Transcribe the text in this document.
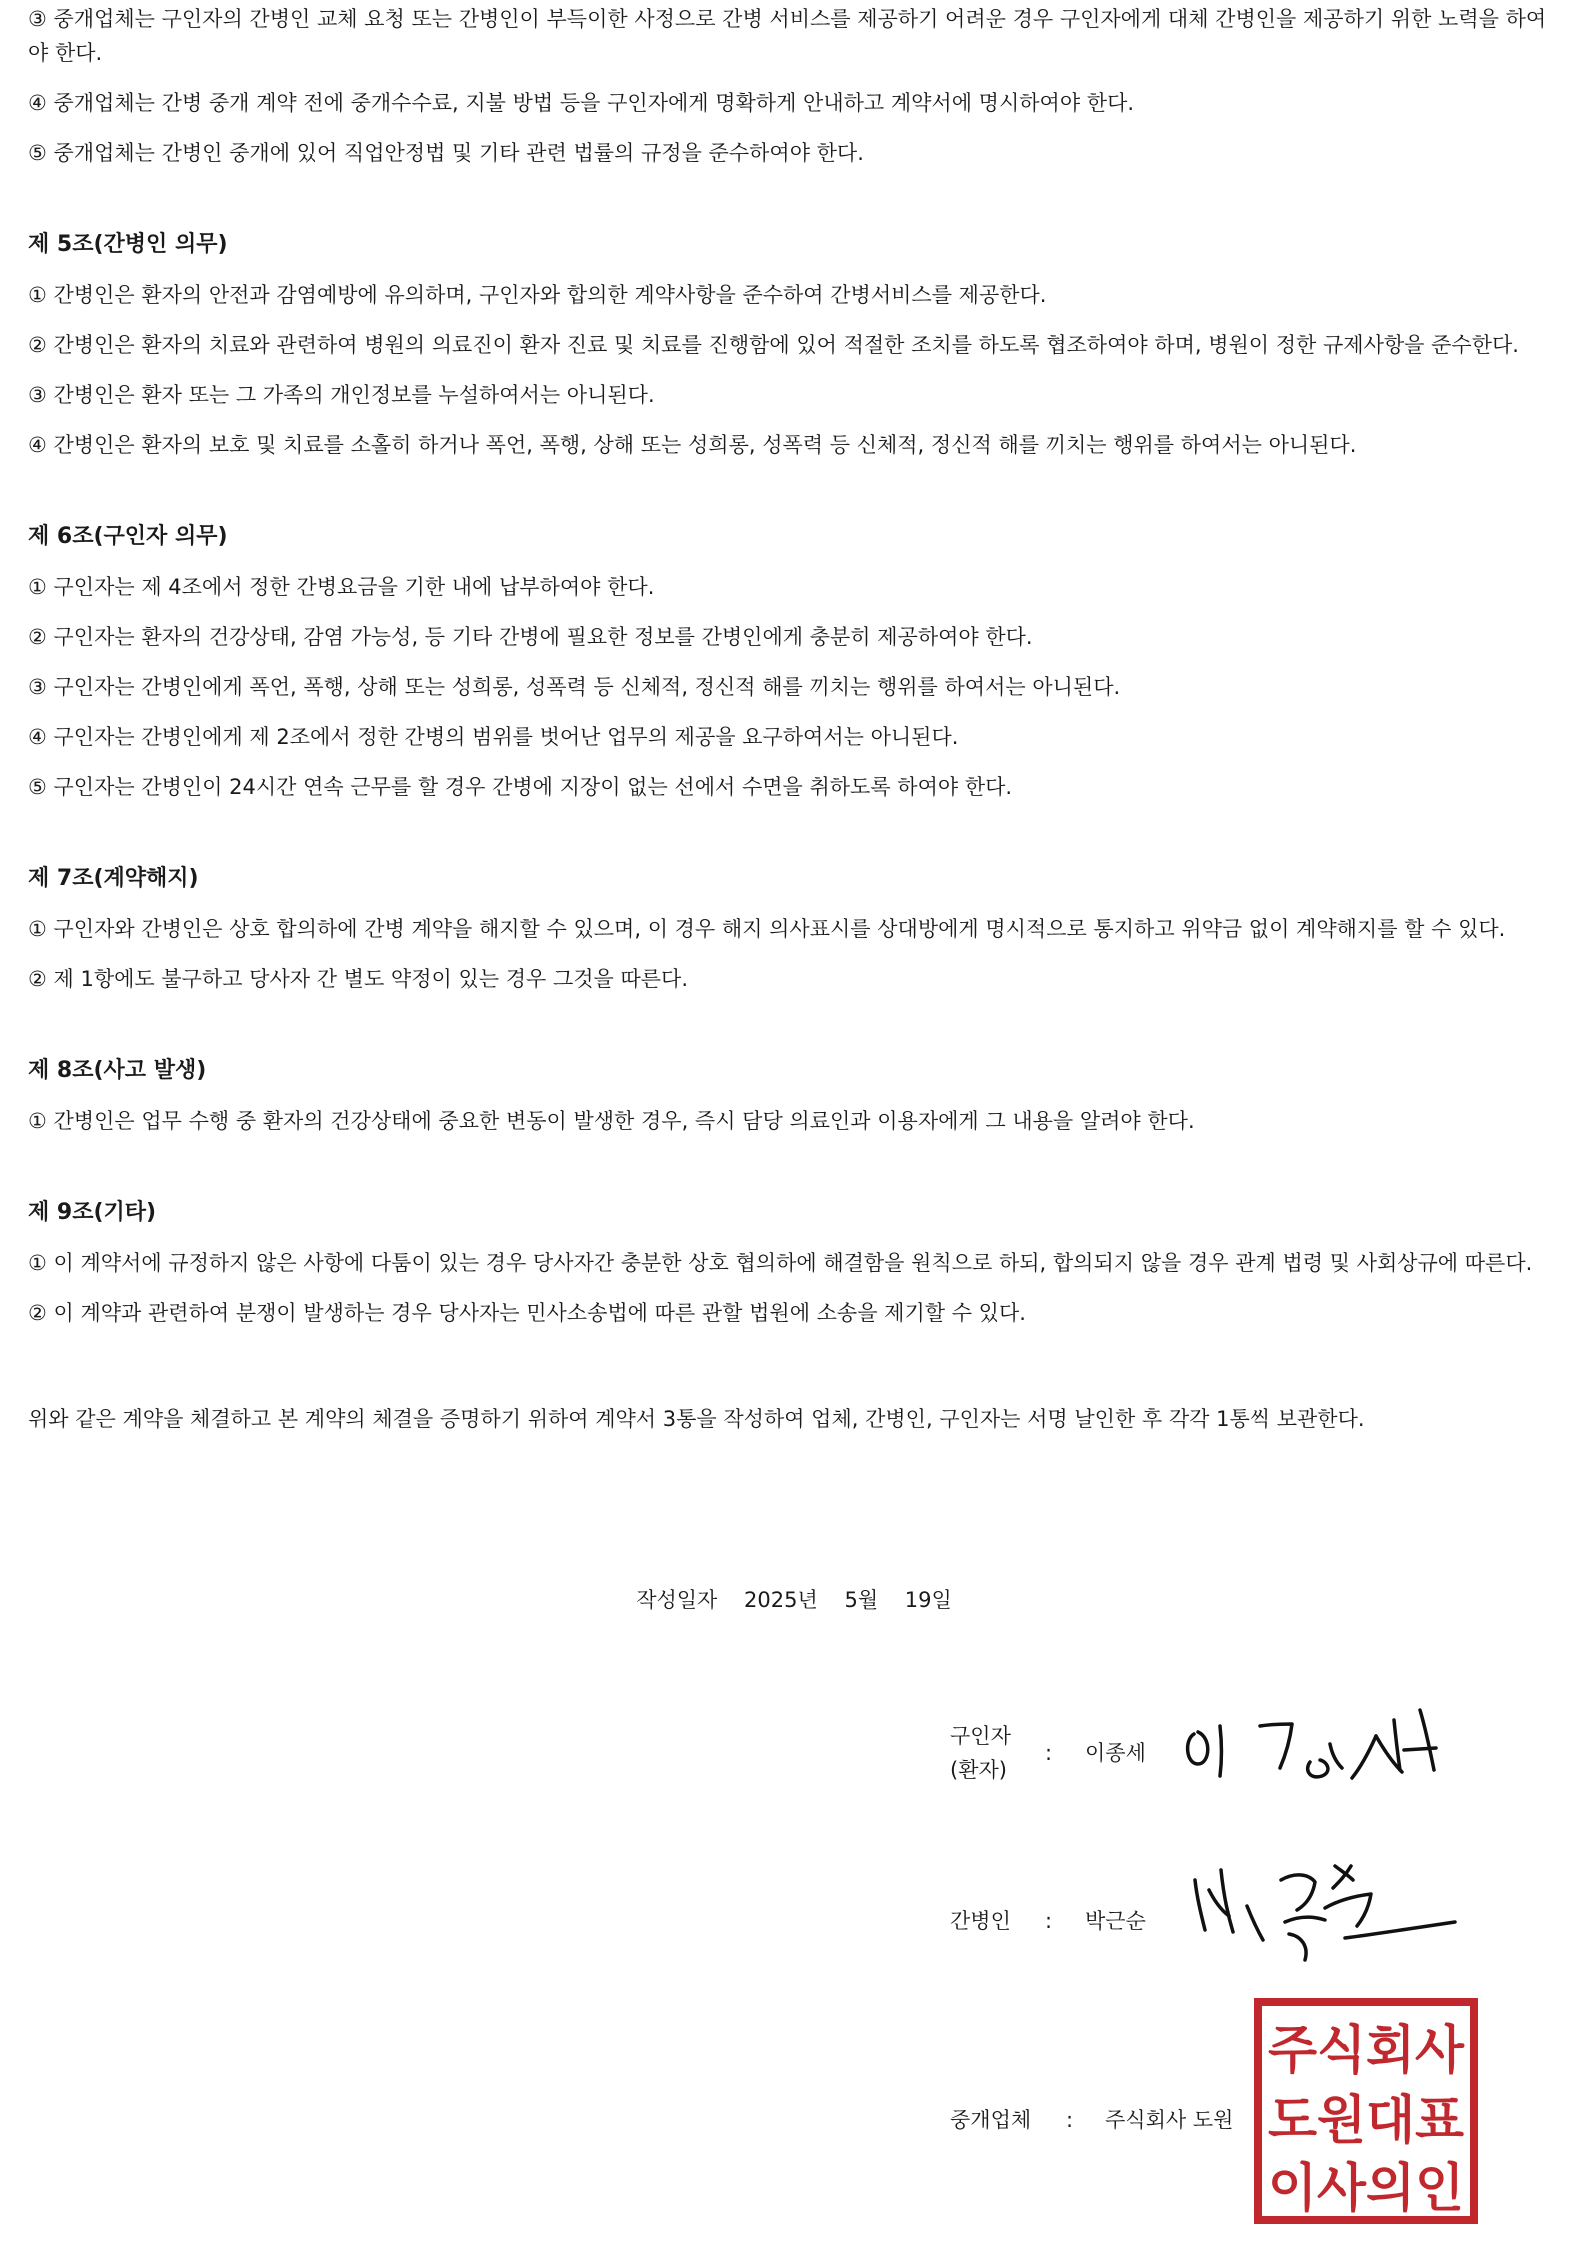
③ 중개업체는 구인자의 간병인 교체 요청 또는 간병인이 부득이한 사정으로 간병 서비스를 제공하기 어려운 경우 구인자에게 대체 간병인을 제공하기 위한 노력을 하여야 한다.

④ 중개업체는 간병 중개 계약 전에 중개수수료, 지불 방법 등을 구인자에게 명확하게 안내하고 계약서에 명시하여야 한다.

⑤ 중개업체는 간병인 중개에 있어 직업안정법 및 기타 관련 법률의 규정을 준수하여야 한다.

제 5조(간병인 의무)

① 간병인은 환자의 안전과 감염예방에 유의하며, 구인자와 합의한 계약사항을 준수하여 간병서비스를 제공한다.

② 간병인은 환자의 치료와 관련하여 병원의 의료진이 환자 진료 및 치료를 진행함에 있어 적절한 조치를 하도록 협조하여야 하며, 병원이 정한 규제사항을 준수한다.

③ 간병인은 환자 또는 그 가족의 개인정보를 누설하여서는 아니된다.

④ 간병인은 환자의 보호 및 치료를 소홀히 하거나 폭언, 폭행, 상해 또는 성희롱, 성폭력 등 신체적, 정신적 해를 끼치는 행위를 하여서는 아니된다.

제 6조(구인자 의무)

① 구인자는 제 4조에서 정한 간병요금을 기한 내에 납부하여야 한다.

② 구인자는 환자의 건강상태, 감염 가능성, 등 기타 간병에 필요한 정보를 간병인에게 충분히 제공하여야 한다.

③ 구인자는 간병인에게 폭언, 폭행, 상해 또는 성희롱, 성폭력 등 신체적, 정신적 해를 끼치는 행위를 하여서는 아니된다.

④ 구인자는 간병인에게 제 2조에서 정한 간병의 범위를 벗어난 업무의 제공을 요구하여서는 아니된다.

⑤ 구인자는 간병인이 24시간 연속 근무를 할 경우 간병에 지장이 없는 선에서 수면을 취하도록 하여야 한다.

제 7조(계약해지)

① 구인자와 간병인은 상호 합의하에 간병 계약을 해지할 수 있으며, 이 경우 해지 의사표시를 상대방에게 명시적으로 통지하고 위약금 없이 계약해지를 할 수 있다.

② 제 1항에도 불구하고 당사자 간 별도 약정이 있는 경우 그것을 따른다.

제 8조(사고 발생)

① 간병인은 업무 수행 중 환자의 건강상태에 중요한 변동이 발생한 경우, 즉시 담당 의료인과 이용자에게 그 내용을 알려야 한다.

제 9조(기타)

① 이 계약서에 규정하지 않은 사항에 다툼이 있는 경우 당사자간 충분한 상호 협의하에 해결함을 원칙으로 하되, 합의되지 않을 경우 관계 법령 및 사회상규에 따른다.

② 이 계약과 관련하여 분쟁이 발생하는 경우 당사자는 민사소송법에 따른 관할 법원에 소송을 제기할 수 있다.

위와 같은 계약을 체결하고 본 계약의 체결을 증명하기 위하여 계약서 3통을 작성하여 업체, 간병인, 구인자는 서명 날인한 후 각각 1통씩 보관한다.

작성일자 2025년 5월 19일
구인자
(환자)
: 이종세
간병인 : 박근순
중개업체 : 주식회사 도원
주식회사
도원대표
이사의인
